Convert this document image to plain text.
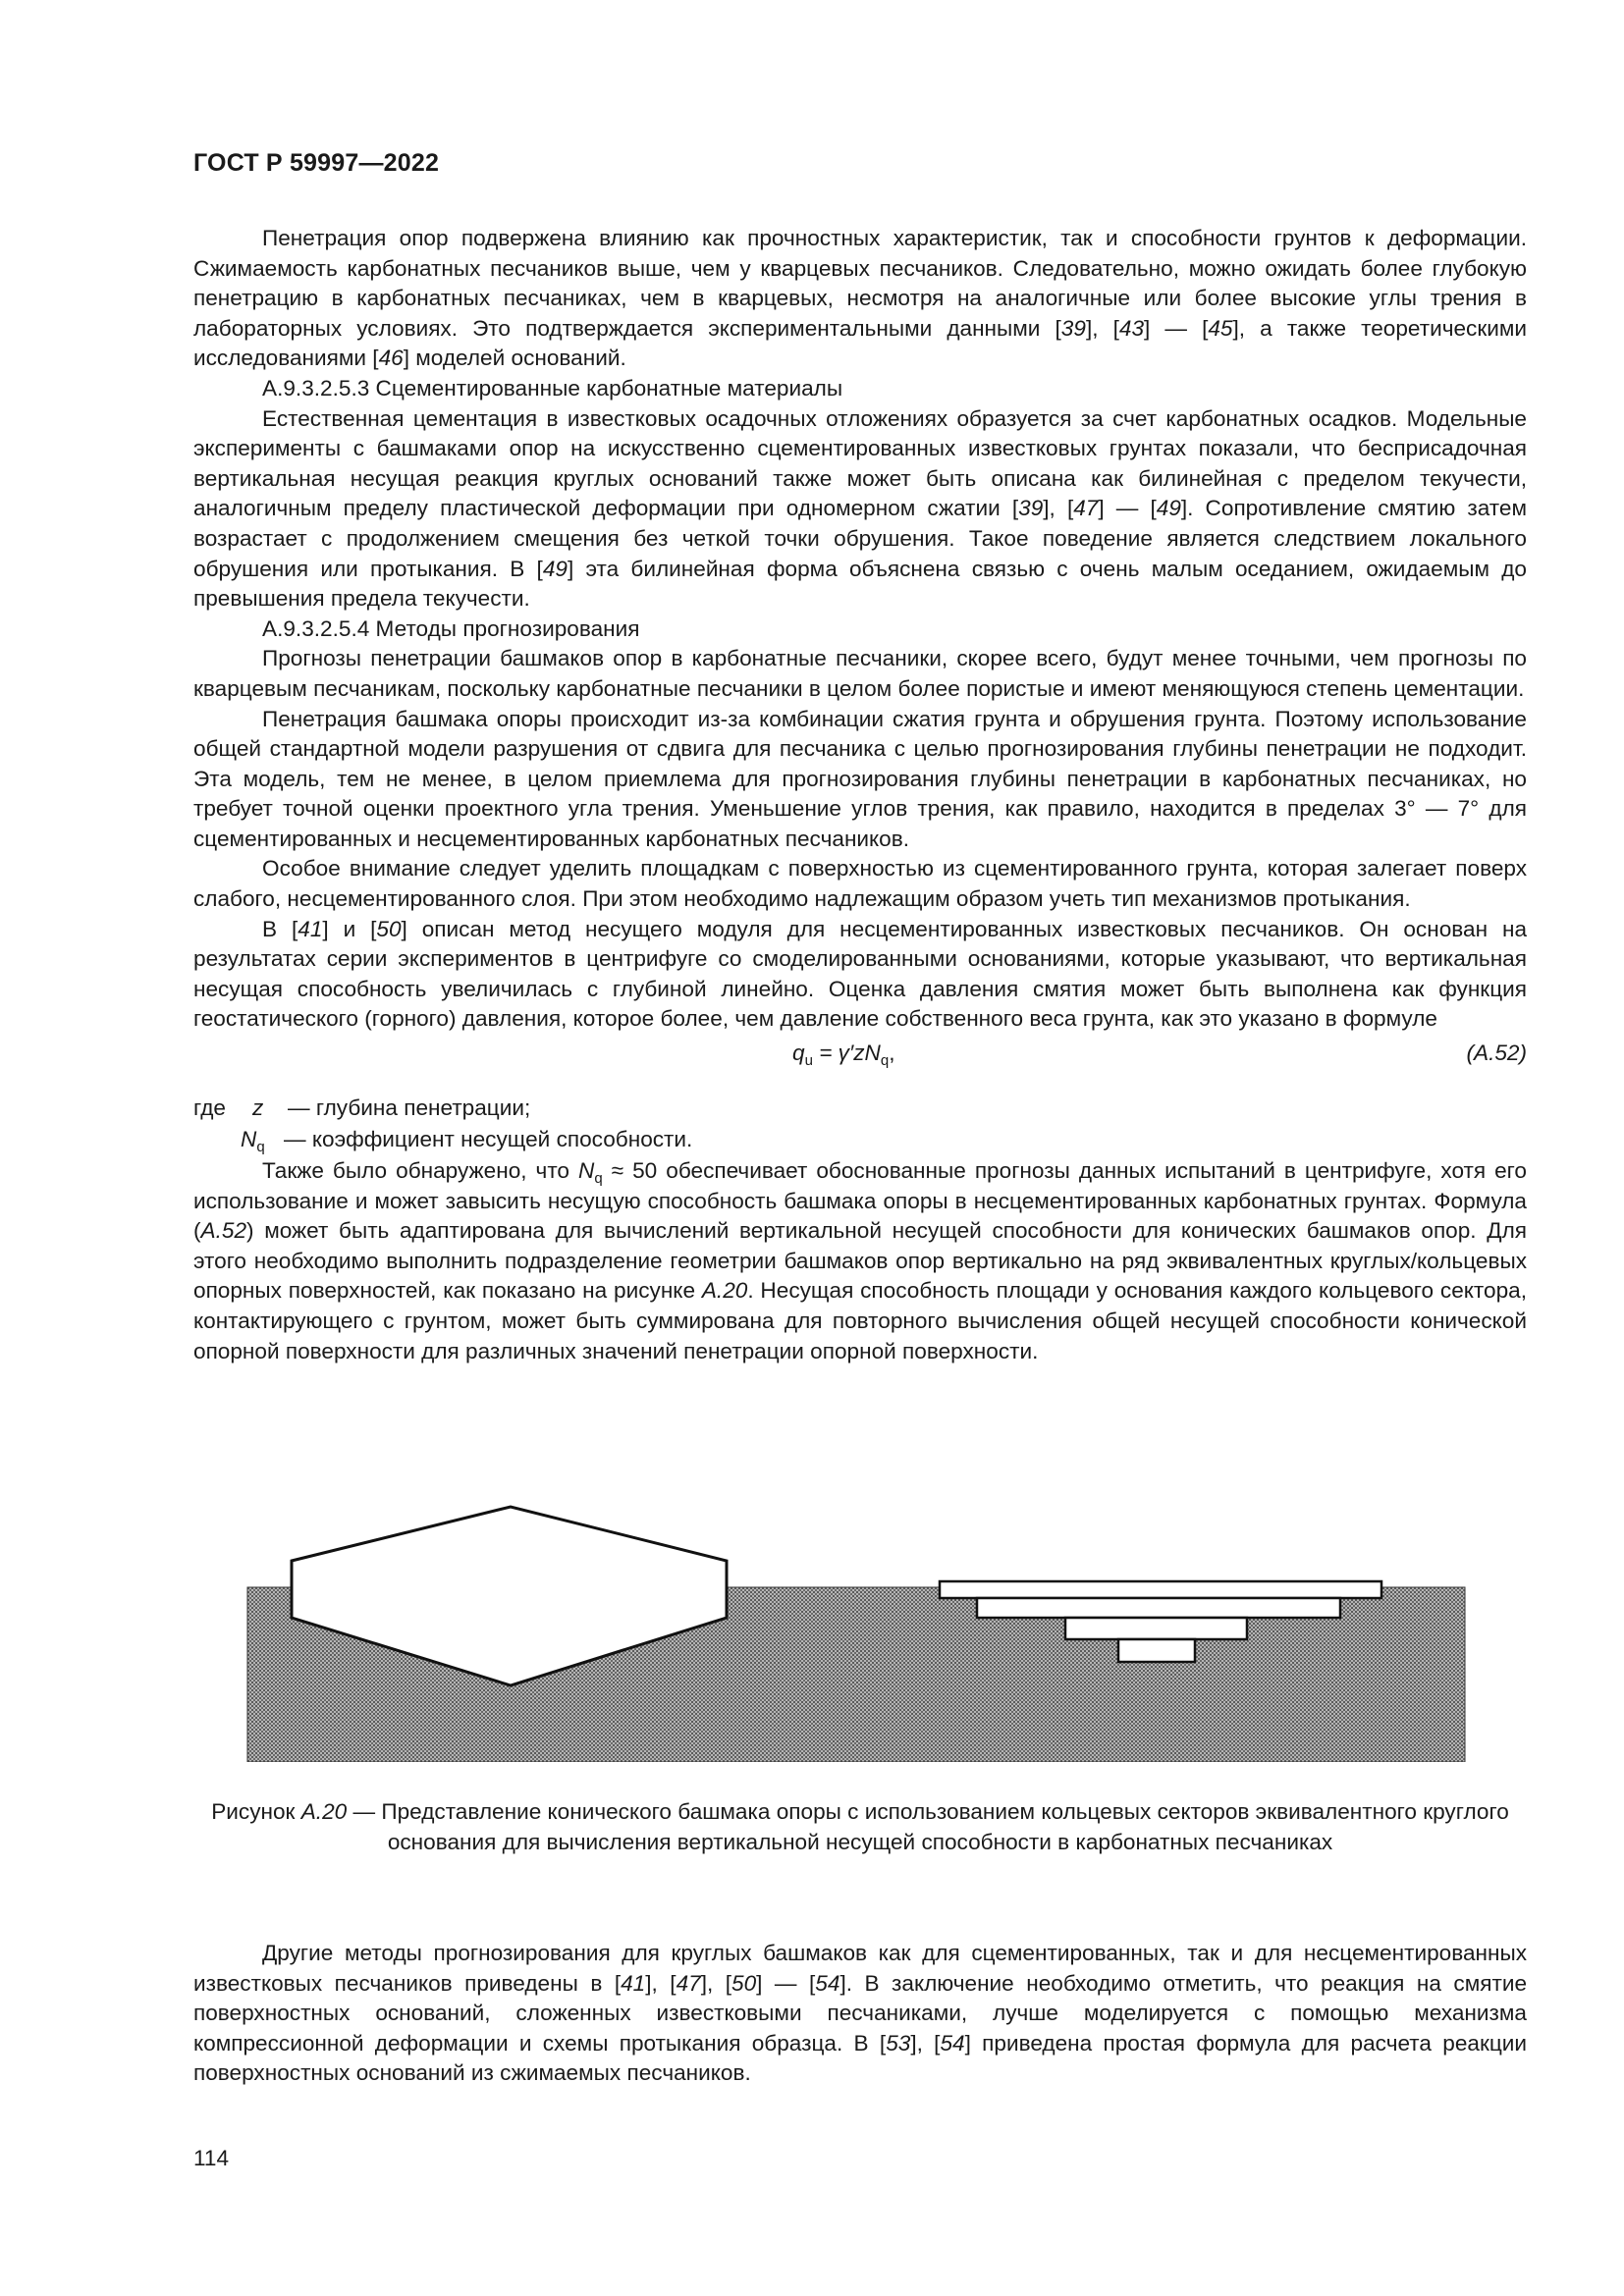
ГОСТ Р 59997—2022

Пенетрация опор подвержена влиянию как прочностных характеристик, так и способности грунтов к деформации. Сжимаемость карбонатных песчаников выше, чем у кварцевых песчаников. Следовательно, можно ожидать более глубокую пенетрацию в карбонатных песчаниках, чем в кварцевых, несмотря на аналогичные или более высокие углы трения в лабораторных условиях. Это подтверждается экспериментальными данными [39], [43] — [45], а также теоретическими исследованиями [46] моделей оснований.

А.9.3.2.5.3 Сцементированные карбонатные материалы

Естественная цементация в известковых осадочных отложениях образуется за счет карбонатных осадков. Модельные эксперименты с башмаками опор на искусственно сцементированных известковых грунтах показали, что бесприсадочная вертикальная несущая реакция круглых оснований также может быть описана как билинейная с пределом текучести, аналогичным пределу пластической деформации при одномерном сжатии [39], [47] — [49]. Сопротивление смятию затем возрастает с продолжением смещения без четкой точки обрушения. Такое поведение является следствием локального обрушения или протыкания. В [49] эта билинейная форма объяснена связью с очень малым оседанием, ожидаемым до превышения предела текучести.

А.9.3.2.5.4 Методы прогнозирования

Прогнозы пенетрации башмаков опор в карбонатные песчаники, скорее всего, будут менее точными, чем прогнозы по кварцевым песчаникам, поскольку карбонатные песчаники в целом более пористые и имеют меняющуюся степень цементации.

Пенетрация башмака опоры происходит из-за комбинации сжатия грунта и обрушения грунта. Поэтому использование общей стандартной модели разрушения от сдвига для песчаника с целью прогнозирования глубины пенетрации не подходит. Эта модель, тем не менее, в целом приемлема для прогнозирования глубины пенетрации в карбонатных песчаниках, но требует точной оценки проектного угла трения. Уменьшение углов трения, как правило, находится в пределах 3° — 7° для сцементированных и несцементированных карбонатных песчаников.

Особое внимание следует уделить площадкам с поверхностью из сцементированного грунта, которая залегает поверх слабого, несцементированного слоя. При этом необходимо надлежащим образом учеть тип механизмов протыкания.

В [41] и [50] описан метод несущего модуля для несцементированных известковых песчаников. Он основан на результатах серии экспериментов в центрифуге со смоделированными основаниями, которые указывают, что вертикальная несущая способность увеличилась с глубиной линейно. Оценка давления смятия может быть выполнена как функция геостатического (горного) давления, которое более, чем давление собственного веса грунта, как это указано в формуле

$q_u = \gamma'zN_q$,	(А.52)
где z — глубина пенетрации;
$N_q$ — коэффициент несущей способности.

Также было обнаружено, что $N_q \approx 50$ обеспечивает обоснованные прогнозы данных испытаний в центрифуге, хотя его использование и может завысить несущую способность башмака опоры в несцементированных карбонатных грунтах. Формула (А.52) может быть адаптирована для вычислений вертикальной несущей способности для конических башмаков опор. Для этого необходимо выполнить подразделение геометрии башмаков опор вертикально на ряд эквивалентных круглых/кольцевых опорных поверхностей, как показано на рисунке А.20. Несущая способность площади у основания каждого кольцевого сектора, контактирующего с грунтом, может быть суммирована для повторного вычисления общей несущей способности конической опорной поверхности для различных значений пенетрации опорной поверхности.

Рисунок А.20 — Представление конического башмака опоры с использованием кольцевых секторов эквивалентного круглого основания для вычисления вертикальной несущей способности в карбонатных песчаниках

Другие методы прогнозирования для круглых башмаков как для сцементированных, так и для несцементированных известковых песчаников приведены в [41], [47], [50] — [54]. В заключение необходимо отметить, что реакция на смятие поверхностных оснований, сложенных известковыми песчаниками, лучше моделируется с помощью механизма компрессионной деформации и схемы протыкания образца. В [53], [54] приведена простая формула для расчета реакции поверхностных оснований из сжимаемых песчаников.

114
